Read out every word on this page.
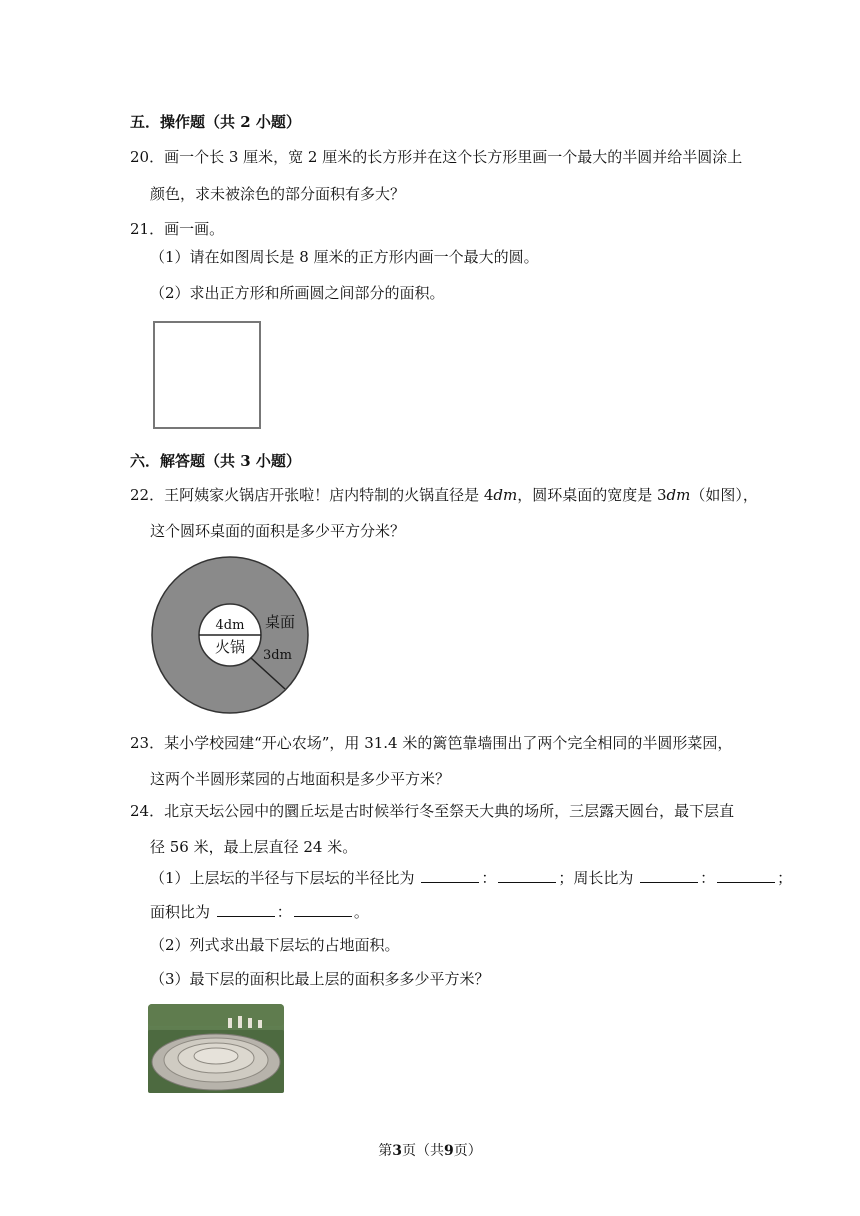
五．操作题（共 2 小题）
20．画一个长 3 厘米，宽 2 厘米的长方形并在这个长方形里画一个最大的半圆并给半圆涂上
颜色，求未被涂色的部分面积有多大？
21．画一画。
（1）请在如图周长是 8 厘米的正方形内画一个最大的圆。
（2）求出正方形和所画圆之间部分的面积。
六．解答题（共 3 小题）
22．王阿姨家火锅店开张啦！店内特制的火锅直径是 4dm，圆环桌面的宽度是 3dm（如图），
这个圆环桌面的面积是多少平方分米？
4dm
火锅
桌面
3dm
23．某小学校园建“开心农场”，用 31.4 米的篱笆靠墙围出了两个完全相同的半圆形菜园，
这两个半圆形菜园的占地面积是多少平方米？
24．北京天坛公园中的圜丘坛是古时候举行冬至祭天大典的场所，三层露天圆台，最下层直
径 56 米，最上层直径 24 米。
（1）上层坛的半径与下层坛的半径比为	：	；周长比为	：	；
面积比为	：	。
（2）列式求出最下层坛的占地面积。
（3）最下层的面积比最上层的面积多多少平方米？
第3页（共9页）
